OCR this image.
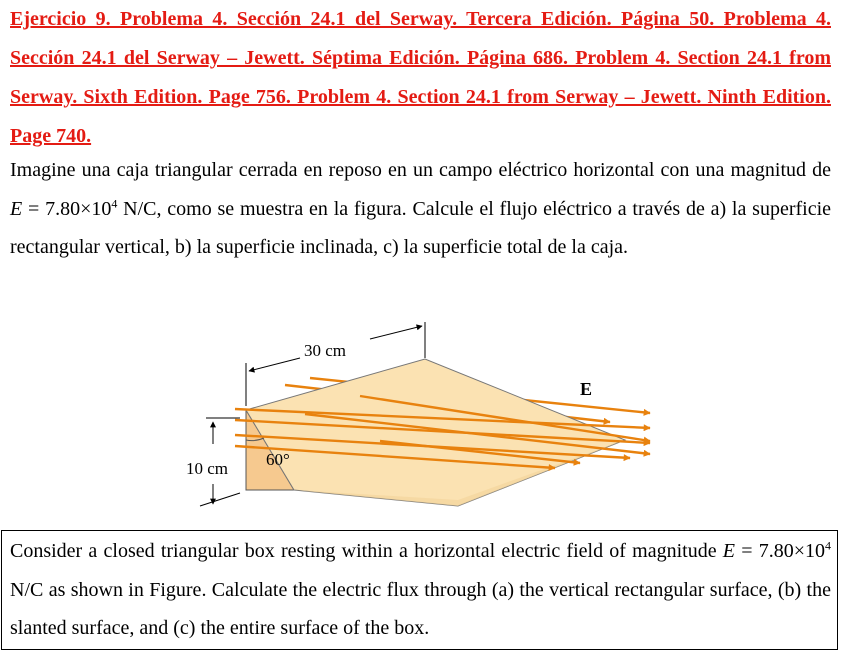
Ejercicio 9. Problema 4. Sección 24.1 del Serway. Tercera Edición. Página 50. Problema 4. Sección 24.1 del Serway – Jewett. Séptima Edición. Página 686. Problem 4. Section 24.1 from Serway. Sixth Edition. Page 756. Problem 4. Section 24.1 from Serway – Jewett. Ninth Edition. Page 740.

Imagine una caja triangular cerrada en reposo en un campo eléctrico horizontal con una magnitud de $E = 7.80\times 10^4$ N/C, como se muestra en la figura. Calcule el flujo eléctrico a través de a) la superficie rectangular vertical, b) la superficie inclinada, c) la superficie total de la caja.

30 cm
10 cm 60°
E

Consider a closed triangular box resting within a horizontal electric field of magnitude $E = 7.80\times 10^4$ N/C as shown in Figure. Calculate the electric flux through (a) the vertical rectangular surface, (b) the slanted surface, and (c) the entire surface of the box.
